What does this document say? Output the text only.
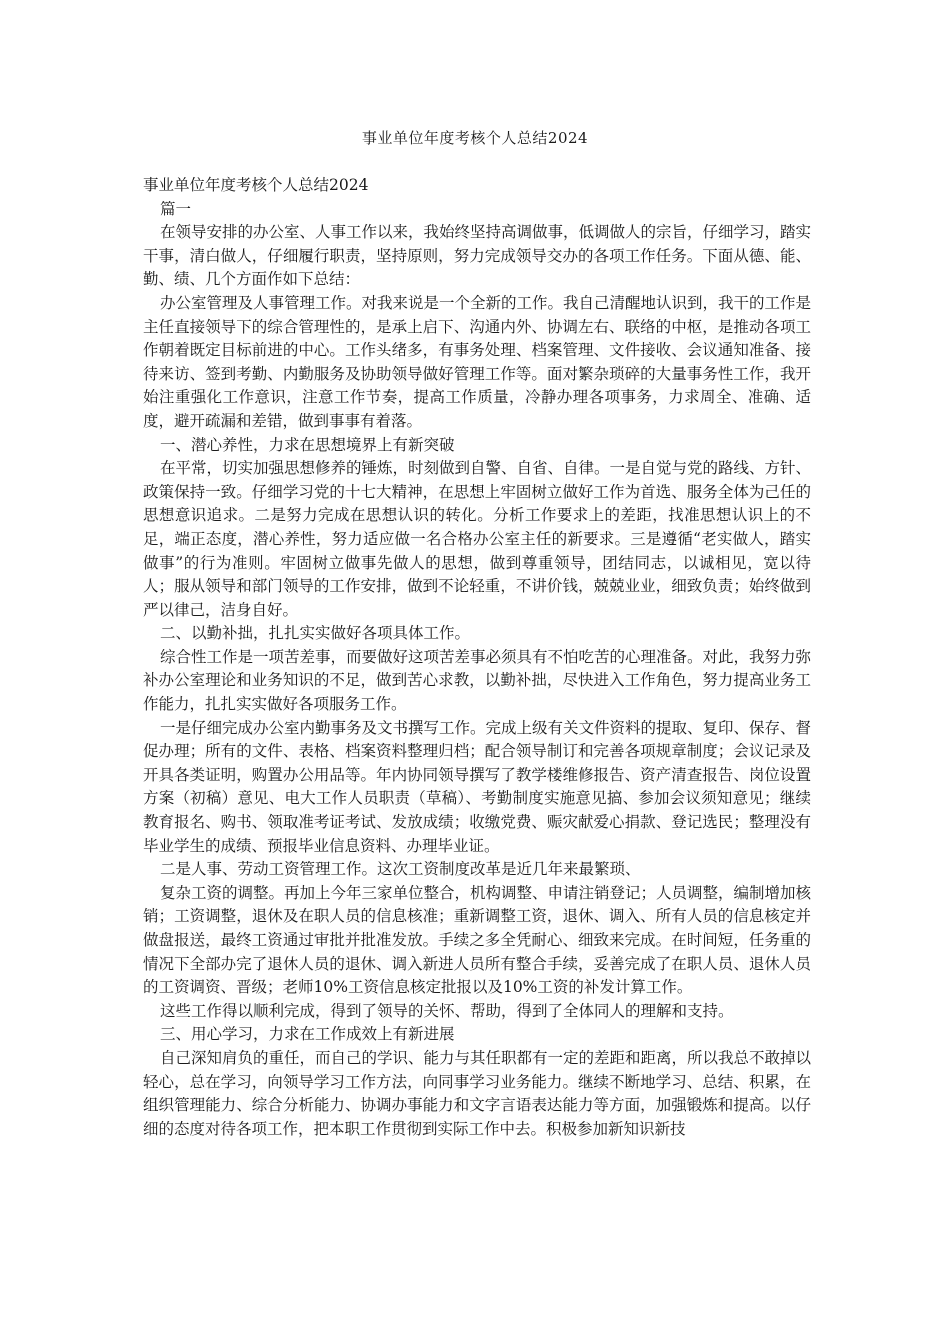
事业单位年度考核个人总结2024

事业单位年度考核个人总结2024

篇一

在领导安排的办公室、人事工作以来，我始终坚持高调做事，低调做人的宗旨，仔细学习，踏实干事，清白做人，仔细履行职责，坚持原则，努力完成领导交办的各项工作任务。下面从德、能、勤、绩、几个方面作如下总结：

办公室管理及人事管理工作。对我来说是一个全新的工作。我自己清醒地认识到，我干的工作是主任直接领导下的综合管理性的，是承上启下、沟通内外、协调左右、联络的中枢，是推动各项工作朝着既定目标前进的中心。工作头绪多，有事务处理、档案管理、文件接收、会议通知准备、接待来访、签到考勤、内勤服务及协助领导做好管理工作等。面对繁杂琐碎的大量事务性工作，我开始注重强化工作意识，注意工作节奏，提高工作质量，冷静办理各项事务，力求周全、准确、适度，避开疏漏和差错，做到事事有着落。

一、潜心养性，力求在思想境界上有新突破

在平常，切实加强思想修养的锤炼，时刻做到自警、自省、自律。一是自觉与党的路线、方针、政策保持一致。仔细学习党的十七大精神，在思想上牢固树立做好工作为首选、服务全体为己任的思想意识追求。二是努力完成在思想认识的转化。分析工作要求上的差距，找准思想认识上的不足，端正态度，潜心养性，努力适应做一名合格办公室主任的新要求。三是遵循“老实做人，踏实做事”的行为准则。牢固树立做事先做人的思想，做到尊重领导，团结同志，以诚相见，宽以待人；服从领导和部门领导的工作安排，做到不论轻重，不讲价钱，兢兢业业，细致负责；始终做到严以律己，洁身自好。

二、以勤补拙，扎扎实实做好各项具体工作。

综合性工作是一项苦差事，而要做好这项苦差事必须具有不怕吃苦的心理准备。对此，我努力弥补办公室理论和业务知识的不足，做到苦心求教，以勤补拙，尽快进入工作角色，努力提高业务工作能力，扎扎实实做好各项服务工作。

一是仔细完成办公室内勤事务及文书撰写工作。完成上级有关文件资料的提取、复印、保存、督促办理；所有的文件、表格、档案资料整理归档；配合领导制订和完善各项规章制度；会议记录及开具各类证明，购置办公用品等。年内协同领导撰写了教学楼维修报告、资产清查报告、岗位设置方案（初稿）意见、电大工作人员职责（草稿）、考勤制度实施意见搞、参加会议须知意见；继续教育报名、购书、领取准考证考试、发放成绩；收缴党费、赈灾献爱心捐款、登记选民；整理没有毕业学生的成绩、预报毕业信息资料、办理毕业证。

二是人事、劳动工资管理工作。这次工资制度改革是近几年来最繁琐、

复杂工资的调整。再加上今年三家单位整合，机构调整、申请注销登记；人员调整，编制增加核销；工资调整，退休及在职人员的信息核准；重新调整工资，退休、调入、所有人员的信息核定并做盘报送，最终工资通过审批并批准发放。手续之多全凭耐心、细致来完成。在时间短，任务重的情况下全部办完了退休人员的退休、调入新进人员所有整合手续，妥善完成了在职人员、退休人员的工资调资、晋级；老师10%工资信息核定批报以及10%工资的补发计算工作。

这些工作得以顺利完成，得到了领导的关怀、帮助，得到了全体同人的理解和支持。

三、用心学习，力求在工作成效上有新进展

自己深知肩负的重任，而自己的学识、能力与其任职都有一定的差距和距离，所以我总不敢掉以轻心，总在学习，向领导学习工作方法，向同事学习业务能力。继续不断地学习、总结、积累，在组织管理能力、综合分析能力、协调办事能力和文字言语表达能力等方面，加强锻炼和提高。以仔细的态度对待各项工作，把本职工作贯彻到实际工作中去。积极参加新知识新技
